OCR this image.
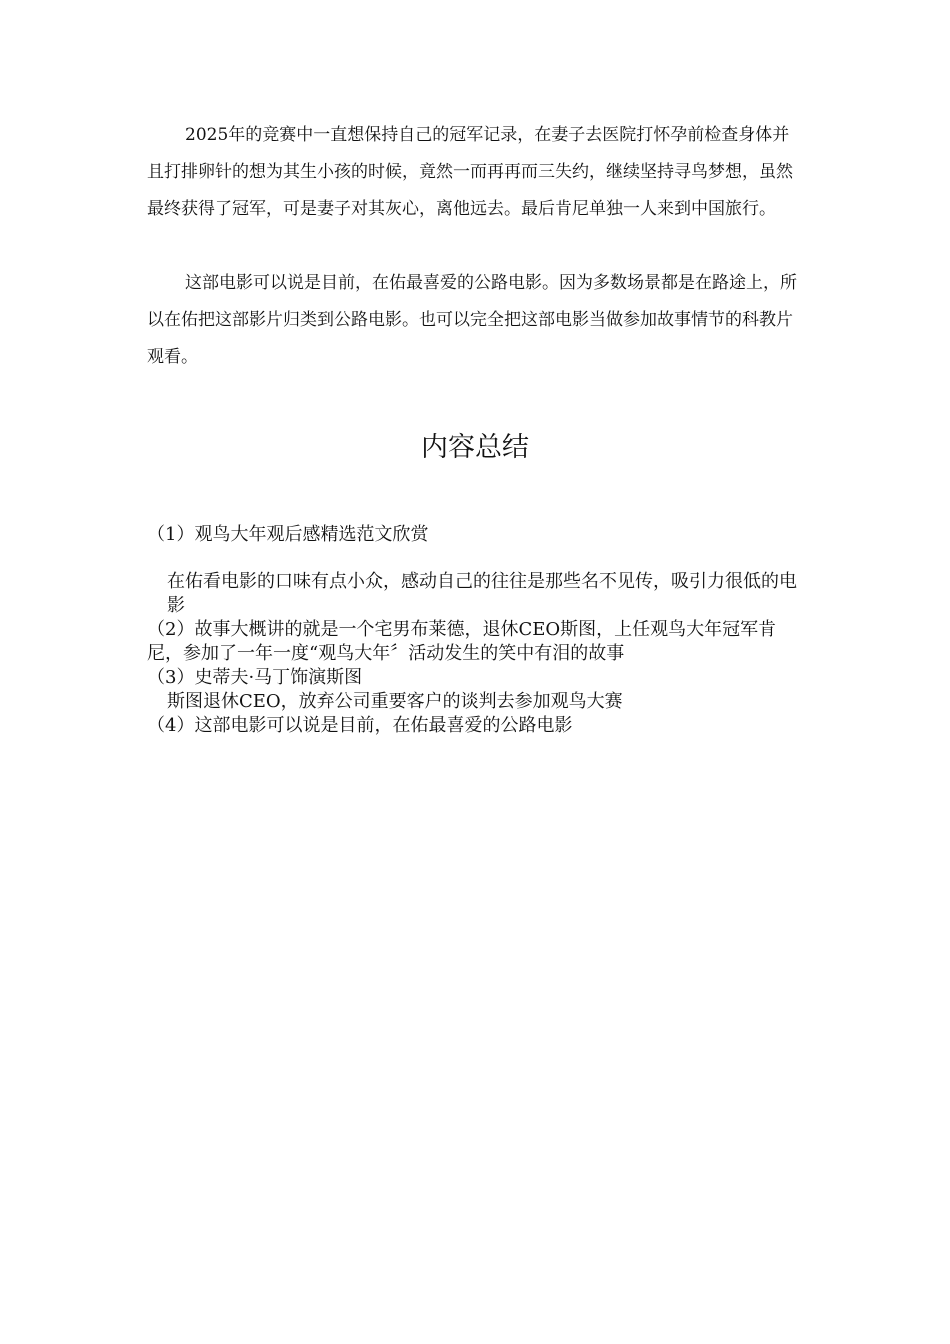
2025年的竞赛中一直想保持自己的冠军记录，在妻子去医院打怀孕前检查身体并且打排卵针的想为其生小孩的时候，竟然一而再再而三失约，继续坚持寻鸟梦想，虽然最终获得了冠军，可是妻子对其灰心，离他远去。最后肯尼单独一人来到中国旅行。

这部电影可以说是目前，在佑最喜爱的公路电影。因为多数场景都是在路途上，所以在佑把这部影片归类到公路电影。也可以完全把这部电影当做参加故事情节的科教片观看。

内容总结

（1）观鸟大年观后感精选范文欣赏

在佑看电影的口味有点小众，感动自己的往往是那些名不见传，吸引力很低的电影

（2）故事大概讲的就是一个宅男布莱德，退休CEO斯图，上任观鸟大年冠军肯尼，参加了一年一度“观鸟大年〞活动发生的笑中有泪的故事

（3）史蒂夫·马丁饰演斯图

斯图退休CEO，放弃公司重要客户的谈判去参加观鸟大赛

（4）这部电影可以说是目前，在佑最喜爱的公路电影
